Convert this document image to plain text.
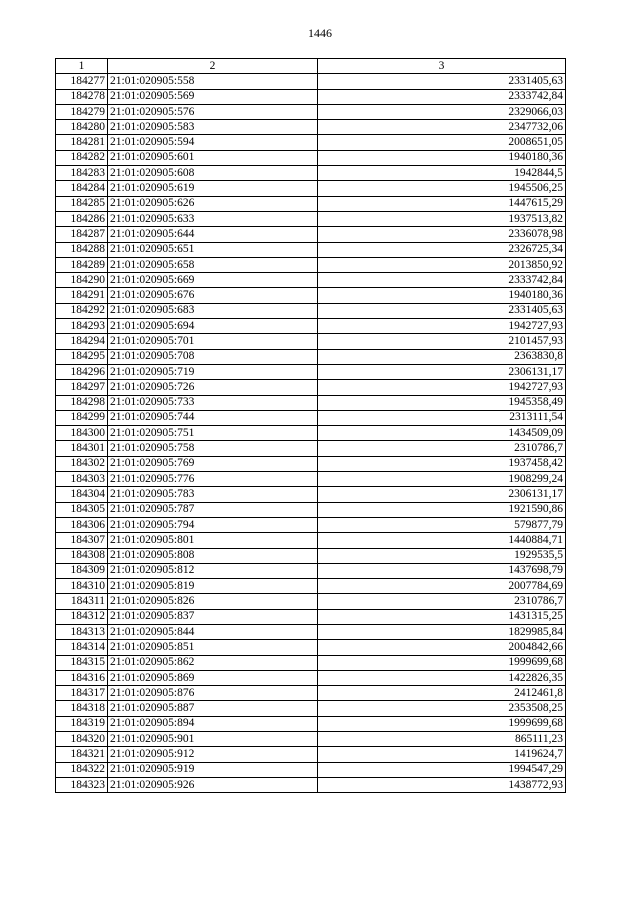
1446
1	2	3
184277	21:01:020905:558	2331405,63
184278	21:01:020905:569	2333742,84
184279	21:01:020905:576	2329066,03
184280	21:01:020905:583	2347732,06
184281	21:01:020905:594	2008651,05
184282	21:01:020905:601	1940180,36
184283	21:01:020905:608	1942844,5
184284	21:01:020905:619	1945506,25
184285	21:01:020905:626	1447615,29
184286	21:01:020905:633	1937513,82
184287	21:01:020905:644	2336078,98
184288	21:01:020905:651	2326725,34
184289	21:01:020905:658	2013850,92
184290	21:01:020905:669	2333742,84
184291	21:01:020905:676	1940180,36
184292	21:01:020905:683	2331405,63
184293	21:01:020905:694	1942727,93
184294	21:01:020905:701	2101457,93
184295	21:01:020905:708	2363830,8
184296	21:01:020905:719	2306131,17
184297	21:01:020905:726	1942727,93
184298	21:01:020905:733	1945358,49
184299	21:01:020905:744	2313111,54
184300	21:01:020905:751	1434509,09
184301	21:01:020905:758	2310786,7
184302	21:01:020905:769	1937458,42
184303	21:01:020905:776	1908299,24
184304	21:01:020905:783	2306131,17
184305	21:01:020905:787	1921590,86
184306	21:01:020905:794	579877,79
184307	21:01:020905:801	1440884,71
184308	21:01:020905:808	1929535,5
184309	21:01:020905:812	1437698,79
184310	21:01:020905:819	2007784,69
184311	21:01:020905:826	2310786,7
184312	21:01:020905:837	1431315,25
184313	21:01:020905:844	1829985,84
184314	21:01:020905:851	2004842,66
184315	21:01:020905:862	1999699,68
184316	21:01:020905:869	1422826,35
184317	21:01:020905:876	2412461,8
184318	21:01:020905:887	2353508,25
184319	21:01:020905:894	1999699,68
184320	21:01:020905:901	865111,23
184321	21:01:020905:912	1419624,7
184322	21:01:020905:919	1994547,29
184323	21:01:020905:926	1438772,93
